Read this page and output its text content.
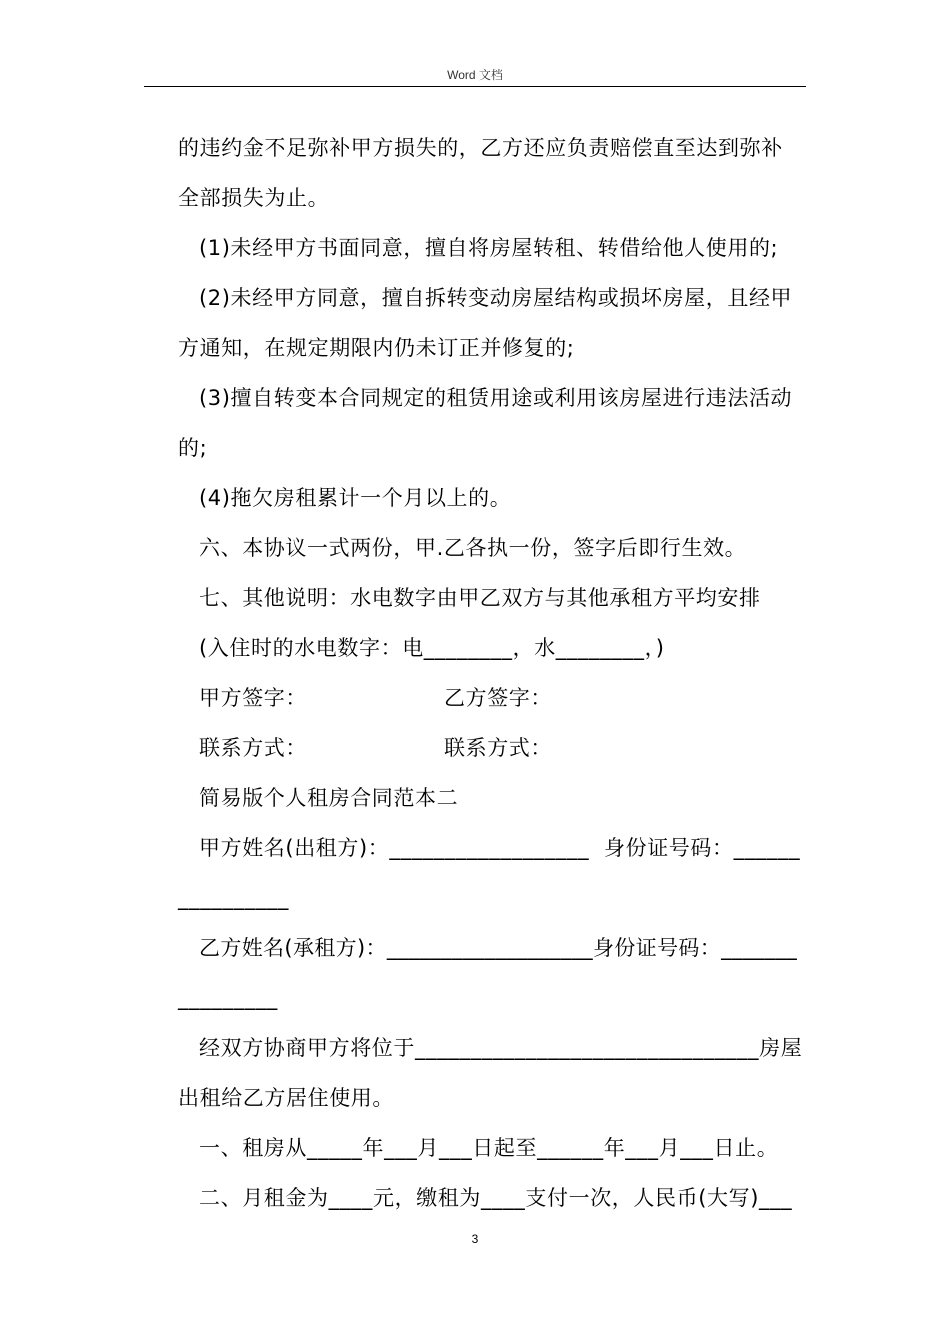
Word 文档
的违约金不足弥补甲方损失的，乙方还应负责赔偿直至达到弥补
全部损失为止。
(1)未经甲方书面同意，擅自将房屋转租、转借给他人使用的;
(2)未经甲方同意，擅自拆转变动房屋结构或损坏房屋，且经甲
方通知，在规定期限内仍未订正并修复的;
(3)擅自转变本合同规定的租赁用途或利用该房屋进行违法活动
的;
(4)拖欠房租累计一个月以上的。
六、本协议一式两份，甲.乙各执一份，签字后即行生效。
七、其他说明：水电数字由甲乙双方与其他承租方平均安排
(入住时的水电数字：电________，水________，)
甲方签字：	乙方签字：
联系方式：	联系方式：
简易版个人租房合同范本二
甲方姓名(出租方)：__________________ 身份证号码：______
__________
乙方姓名(承租方)：___________________身份证号码：_______
_________
经双方协商甲方将位于_______________________________房屋
出租给乙方居住使用。
一、租房从_____年___月___日起至______年___月___日止。
二、月租金为____元，缴租为____支付一次，人民币(大写)___
3
